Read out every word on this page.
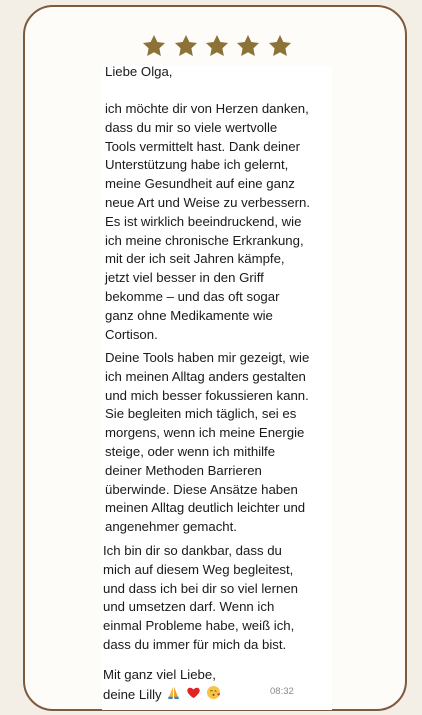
Liebe Olga,
ich möchte dir von Herzen danken,
dass du mir so viele wertvolle
Tools vermittelt hast. Dank deiner
Unterstützung habe ich gelernt,
meine Gesundheit auf eine ganz
neue Art und Weise zu verbessern.
Es ist wirklich beeindruckend, wie
ich meine chronische Erkrankung,
mit der ich seit Jahren kämpfe,
jetzt viel besser in den Griff
bekomme – und das oft sogar
ganz ohne Medikamente wie
Cortison.
Deine Tools haben mir gezeigt, wie
ich meinen Alltag anders gestalten
und mich besser fokussieren kann.
Sie begleiten mich täglich, sei es
morgens, wenn ich meine Energie
steige, oder wenn ich mithilfe
deiner Methoden Barrieren
überwinde. Diese Ansätze haben
meinen Alltag deutlich leichter und
angenehmer gemacht.
Ich bin dir so dankbar, dass du
mich auf diesem Weg begleitest,
und dass ich bei dir so viel lernen
und umsetzen darf. Wenn ich
einmal Probleme habe, weiß ich,
dass du immer für mich da bist.
Mit ganz viel Liebe,
deine Lilly	08:32
